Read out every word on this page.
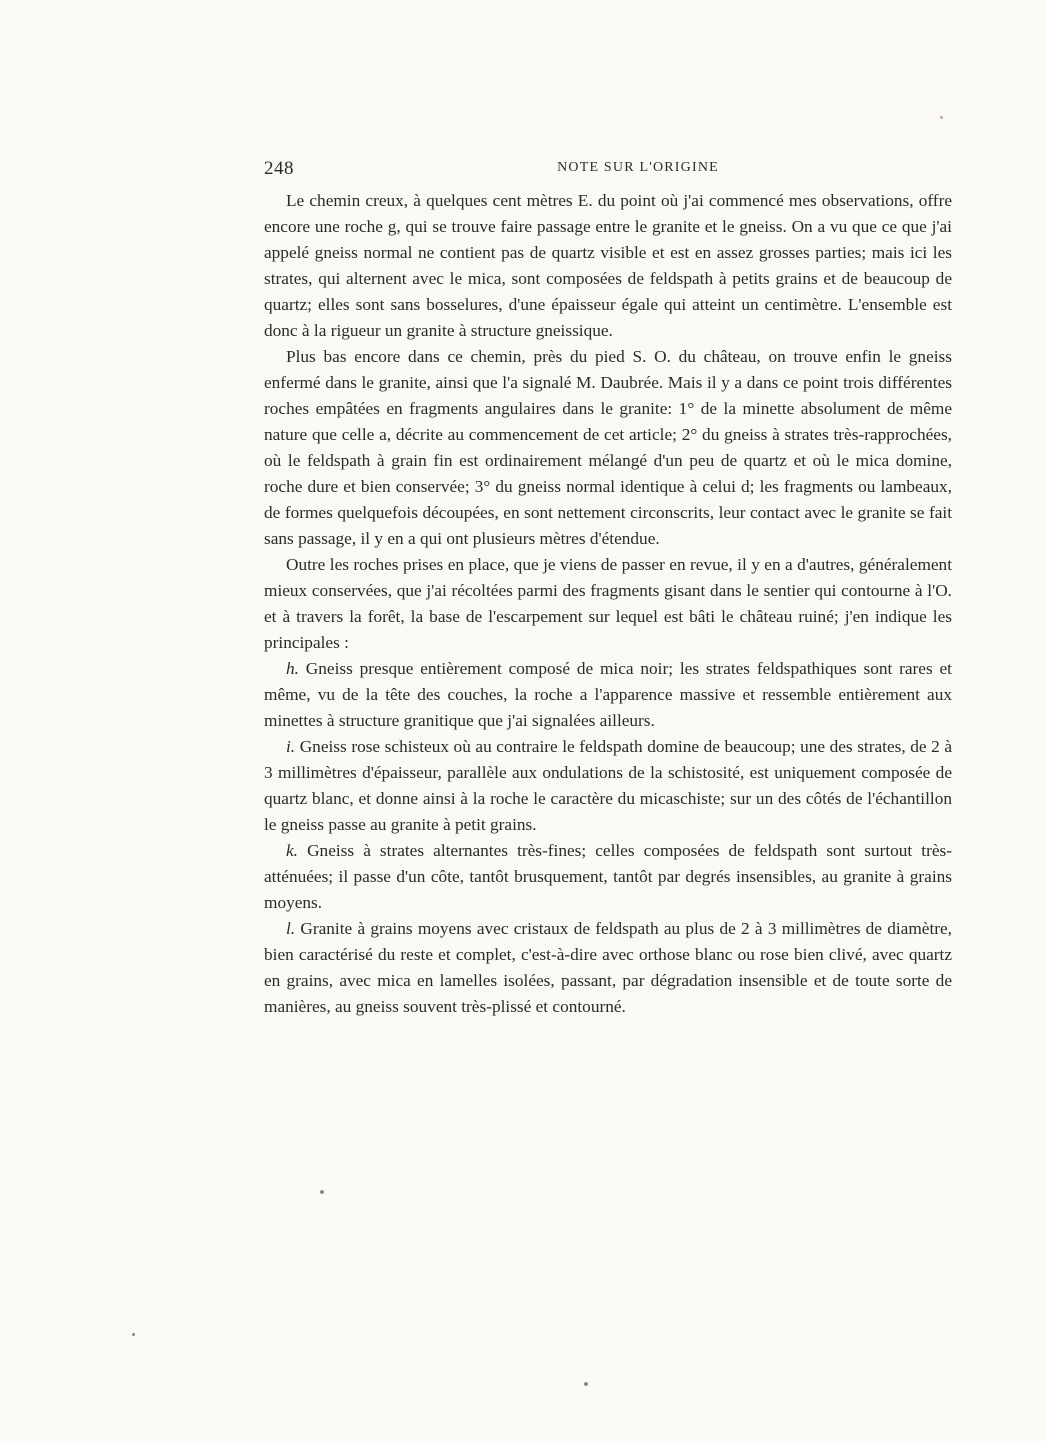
248	NOTE SUR L'ORIGINE

Le chemin creux, à quelques cent mètres E. du point où j'ai commencé mes observations, offre encore une roche g, qui se trouve faire passage entre le granite et le gneiss. On a vu que ce que j'ai appelé gneiss normal ne contient pas de quartz visible et est en assez grosses parties; mais ici les strates, qui alternent avec le mica, sont composées de feldspath à petits grains et de beaucoup de quartz; elles sont sans bosselures, d'une épaisseur égale qui atteint un centimètre. L'ensemble est donc à la rigueur un granite à structure gneissique.

Plus bas encore dans ce chemin, près du pied S. O. du château, on trouve enfin le gneiss enfermé dans le granite, ainsi que l'a signalé M. Daubrée. Mais il y a dans ce point trois différentes roches empâtées en fragments angulaires dans le granite: 1° de la minette absolument de même nature que celle a, décrite au commencement de cet article; 2° du gneiss à strates très-rapprochées, où le feldspath à grain fin est ordinairement mélangé d'un peu de quartz et où le mica domine, roche dure et bien conservée; 3° du gneiss normal identique à celui d; les fragments ou lambeaux, de formes quelquefois découpées, en sont nettement circonscrits, leur contact avec le granite se fait sans passage, il y en a qui ont plusieurs mètres d'étendue.

Outre les roches prises en place, que je viens de passer en revue, il y en a d'autres, généralement mieux conservées, que j'ai récoltées parmi des fragments gisant dans le sentier qui contourne à l'O. et à travers la forêt, la base de l'escarpement sur lequel est bâti le château ruiné; j'en indique les principales :

h. Gneiss presque entièrement composé de mica noir; les strates feldspathiques sont rares et même, vu de la tête des couches, la roche a l'apparence massive et ressemble entièrement aux minettes à structure granitique que j'ai signalées ailleurs.

i. Gneiss rose schisteux où au contraire le feldspath domine de beaucoup; une des strates, de 2 à 3 millimètres d'épaisseur, parallèle aux ondulations de la schistosité, est uniquement composée de quartz blanc, et donne ainsi à la roche le caractère du micaschiste; sur un des côtés de l'échantillon le gneiss passe au granite à petit grains.

k. Gneiss à strates alternantes très-fines; celles composées de feldspath sont surtout très-atténuées; il passe d'un côte, tantôt brusquement, tantôt par degrés insensibles, au granite à grains moyens.

l. Granite à grains moyens avec cristaux de feldspath au plus de 2 à 3 millimètres de diamètre, bien caractérisé du reste et complet, c'est-à-dire avec orthose blanc ou rose bien clivé, avec quartz en grains, avec mica en lamelles isolées, passant, par dégradation insensible et de toute sorte de manières, au gneiss souvent très-plissé et contourné.
